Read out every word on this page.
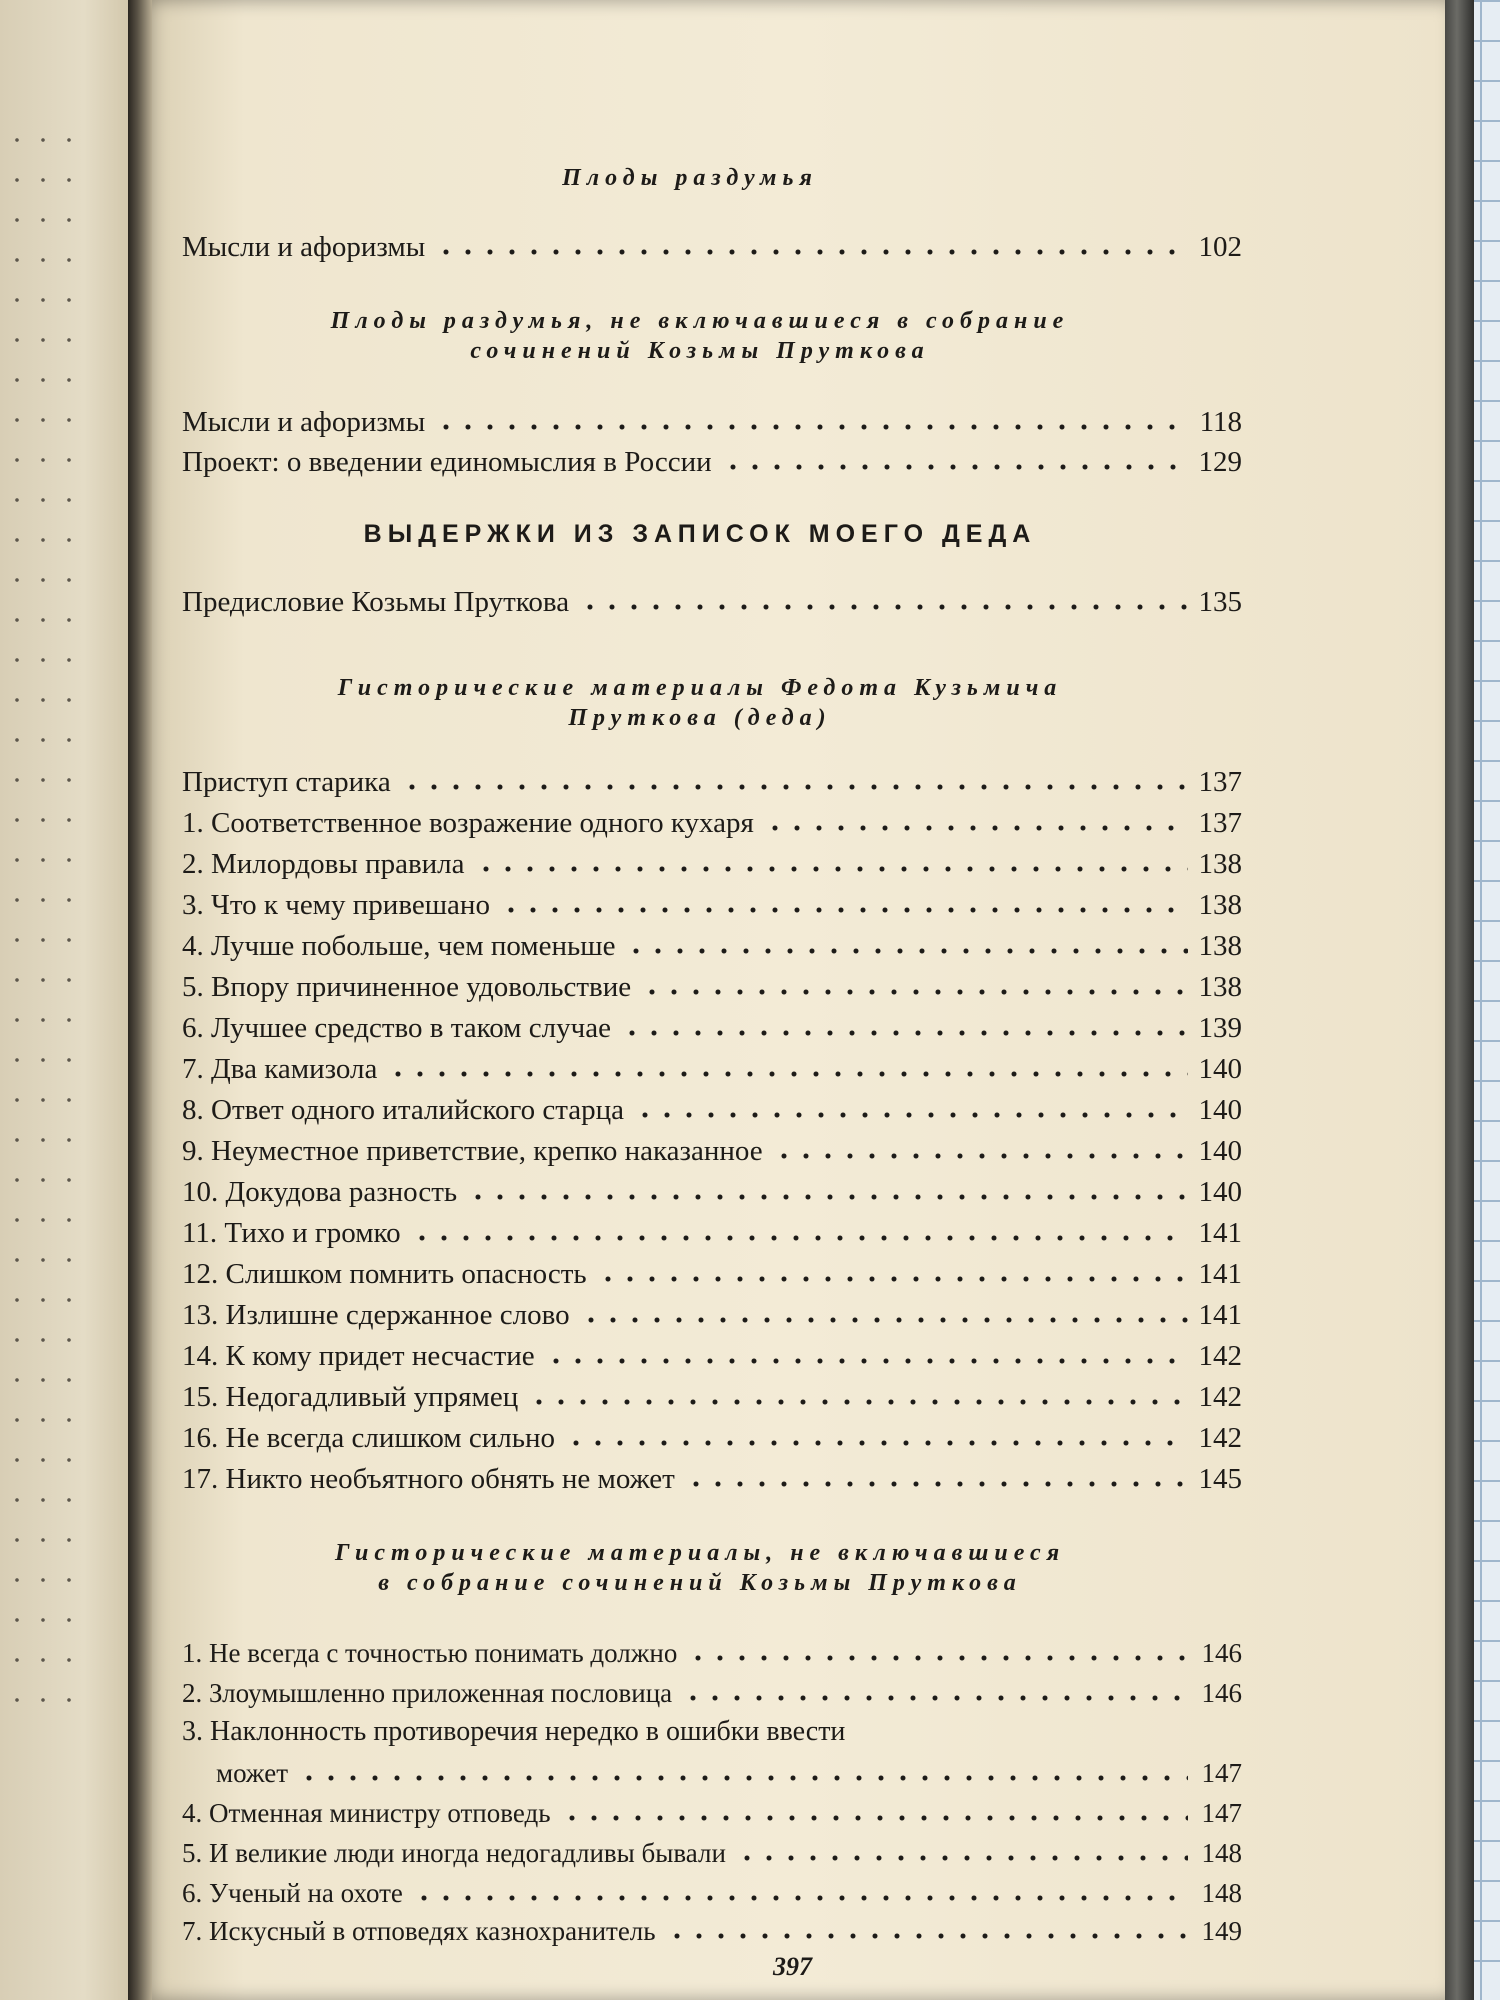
Плоды раздумья
Мысли и афоризмы	102
Плоды раздумья, не включавшиеся в собрание
сочинений Козьмы Пруткова
Мысли и афоризмы	118
Проект: о введении единомыслия в России	129
ВЫДЕРЖКИ ИЗ ЗАПИСОК МОЕГО ДЕДА
Предисловие Козьмы Пруткова	135
Гисторические материалы Федота Кузьмича
Пруткова (деда)
Приступ старика	137
1. Соответственное возражение одного кухаря	137
2. Милордовы правила	138
3. Что к чему привешано	138
4. Лучше побольше, чем поменьше	138
5. Впору причиненное удовольствие	138
6. Лучшее средство в таком случае	139
7. Два камизола	140
8. Ответ одного италийского старца	140
9. Неуместное приветствие, крепко наказанное	140
10. Докудова разность	140
11. Тихо и громко	141
12. Слишком помнить опасность	141
13. Излишне сдержанное слово	141
14. К кому придет несчастие	142
15. Недогадливый упрямец	142
16. Не всегда слишком сильно	142
17. Никто необъятного обнять не может	145
Гисторические материалы, не включавшиеся
в собрание сочинений Козьмы Пруткова
1. Не всегда с точностью понимать должно	146
2. Злоумышленно приложенная пословица	146
3. Наклонность противоречия нередко в ошибки ввести
может	147
4. Отменная министру отповедь	147
5. И великие люди иногда недогадливы бывали	148
6. Ученый на охоте	148
7. Искусный в отповедях казнохранитель	149
397
